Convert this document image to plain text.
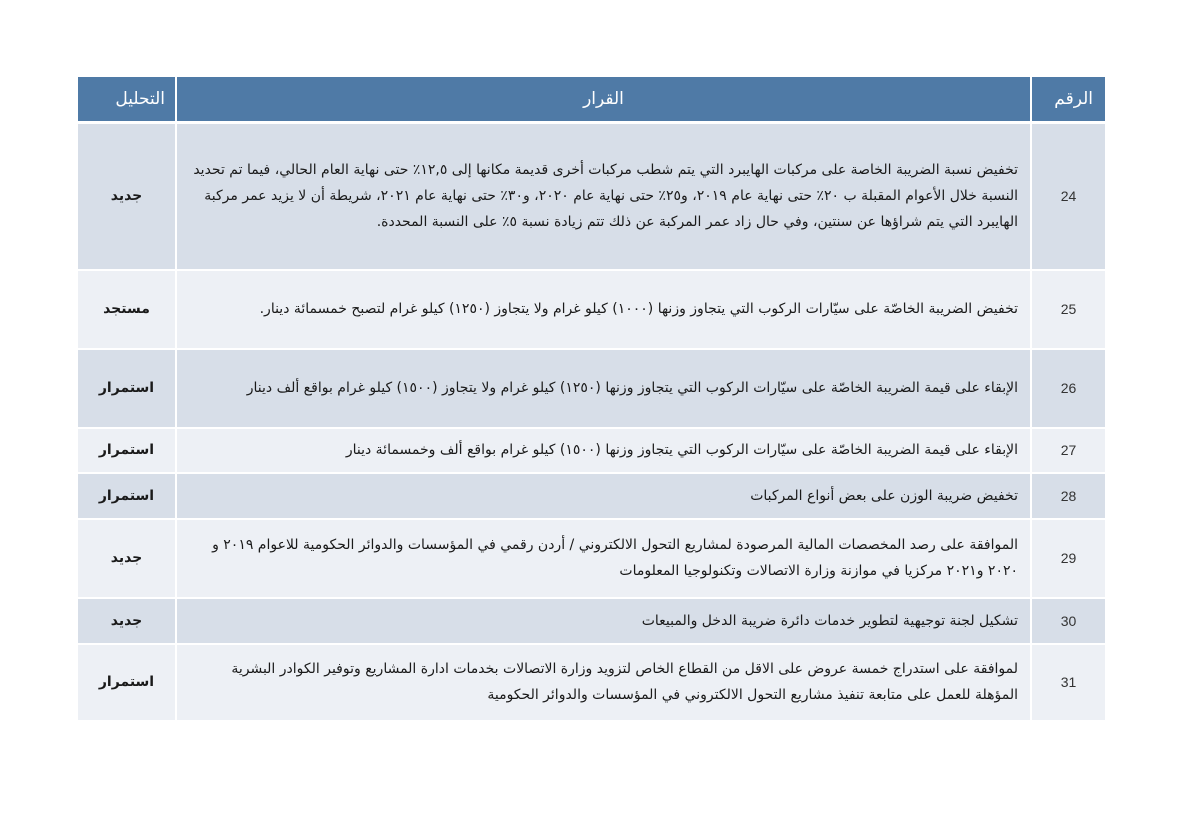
الرقم	القرار	التحليل
24	تخفيض نسبة الضريبة الخاصة على مركبات الهايبرد التي يتم شطب مركبات أخرى قديمة مكانها إلى ١٢,٥٪ حتى نهاية العام الحالي، فيما تم تحديد النسبة خلال الأعوام المقبلة ب ٢٠٪ حتى نهاية عام ٢٠١٩، و٢٥٪ حتى نهاية عام ٢٠٢٠، و٣٠٪ حتى نهاية عام ٢٠٢١، شريطة أن لا يزيد عمر مركبة الهايبرد التي يتم شراؤها عن سنتين، وفي حال زاد عمر المركبة عن ذلك تتم زيادة نسبة ٥٪ على النسبة المحددة.	جديد
25	تخفيض الضريبة الخاصّة على سيّارات الركوب التي يتجاوز وزنها (١٠٠٠) كيلو غرام ولا يتجاوز (١٢٥٠) كيلو غرام لتصبح خمسمائة دينار.	مستجد
26	الإبقاء على قيمة الضريبة الخاصّة على سيّارات الركوب التي يتجاوز وزنها (١٢٥٠) كيلو غرام ولا يتجاوز (١٥٠٠) كيلو غرام بواقع ألف دينار	استمرار
27	الإبقاء على قيمة الضريبة الخاصّة على سيّارات الركوب التي يتجاوز وزنها (١٥٠٠) كيلو غرام بواقع ألف وخمسمائة دينار	استمرار
28	تخفيض ضريبة الوزن على بعض أنواع المركبات	استمرار
29	الموافقة على رصد المخصصات المالية المرصودة لمشاريع التحول الالكتروني / أردن رقمي في المؤسسات والدوائر الحكومية للاعوام ٢٠١٩ و ٢٠٢٠ و٢٠٢١ مركزيا في موازنة وزارة الاتصالات وتكنولوجيا المعلومات	جديد
30	تشكيل لجنة توجيهية لتطوير خدمات دائرة ضريبة الدخل والمبيعات	جديد
31	لموافقة على استدراج خمسة عروض على الاقل من القطاع الخاص لتزويد وزارة الاتصالات بخدمات ادارة المشاريع وتوفير الكوادر البشرية المؤهلة للعمل على متابعة تنفيذ مشاريع التحول الالكتروني في المؤسسات والدوائر الحكومية	استمرار
